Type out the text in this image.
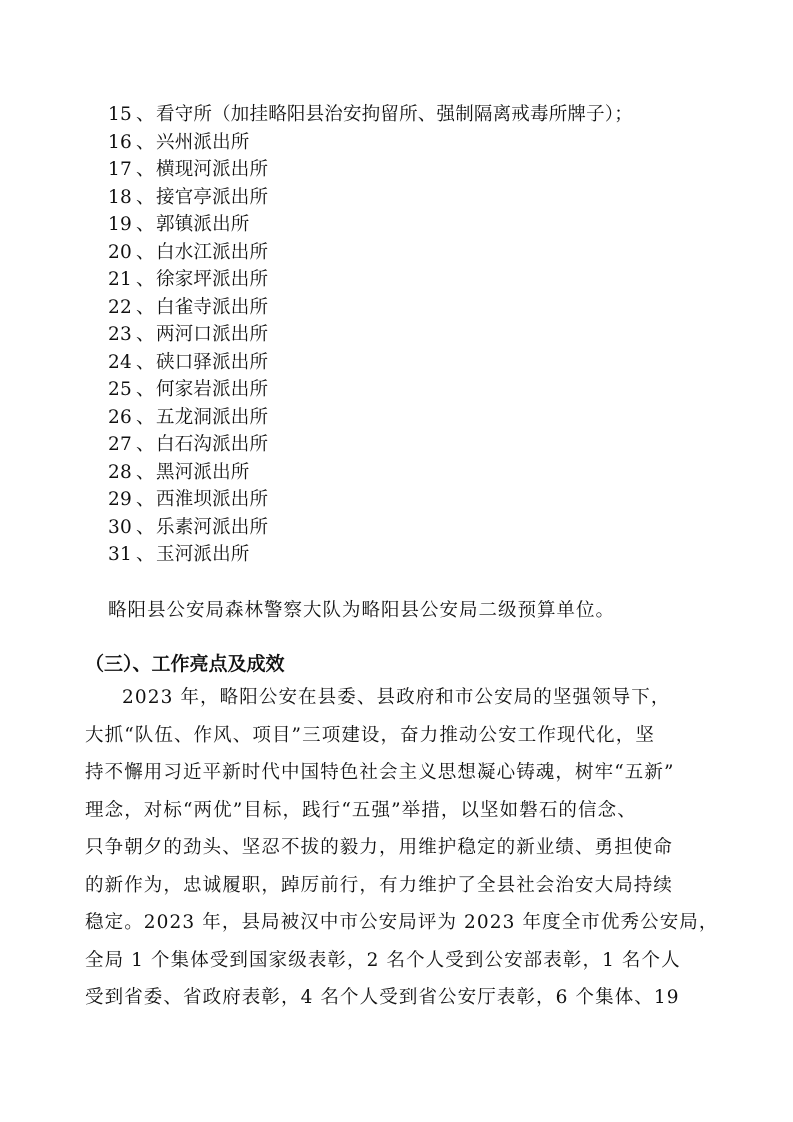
15 、看守所（加挂略阳县治安拘留所、强制隔离戒毒所牌子）；
16 、兴州派出所
17 、横现河派出所
18 、接官亭派出所
19 、郭镇派出所
20 、白水江派出所
21 、徐家坪派出所
22 、白雀寺派出所
23 、两河口派出所
24 、硖口驿派出所
25 、何家岩派出所
26 、五龙洞派出所
27 、白石沟派出所
28 、黑河派出所
29 、西淮坝派出所
30 、乐素河派出所
31 、玉河派出所
略阳县公安局森林警察大队为略阳县公安局二级预算单位。
（三）、工作亮点及成效
2023 年，略阳公安在县委、县政府和市公安局的坚强领导下，
大抓“队伍、作风、项目”三项建设，奋力推动公安工作现代化，坚
持不懈用习近平新时代中国特色社会主义思想凝心铸魂，树牢“五新”
理念，对标“两优”目标，践行“五强”举措，以坚如磐石的信念、
只争朝夕的劲头、坚忍不拔的毅力，用维护稳定的新业绩、勇担使命
的新作为，忠诚履职，踔厉前行，有力维护了全县社会治安大局持续
稳定。2023 年，县局被汉中市公安局评为 2023 年度全市优秀公安局，
全局 1 个集体受到国家级表彰，2 名个人受到公安部表彰，1 名个人
受到省委、省政府表彰，4 名个人受到省公安厅表彰，6 个集体、19
